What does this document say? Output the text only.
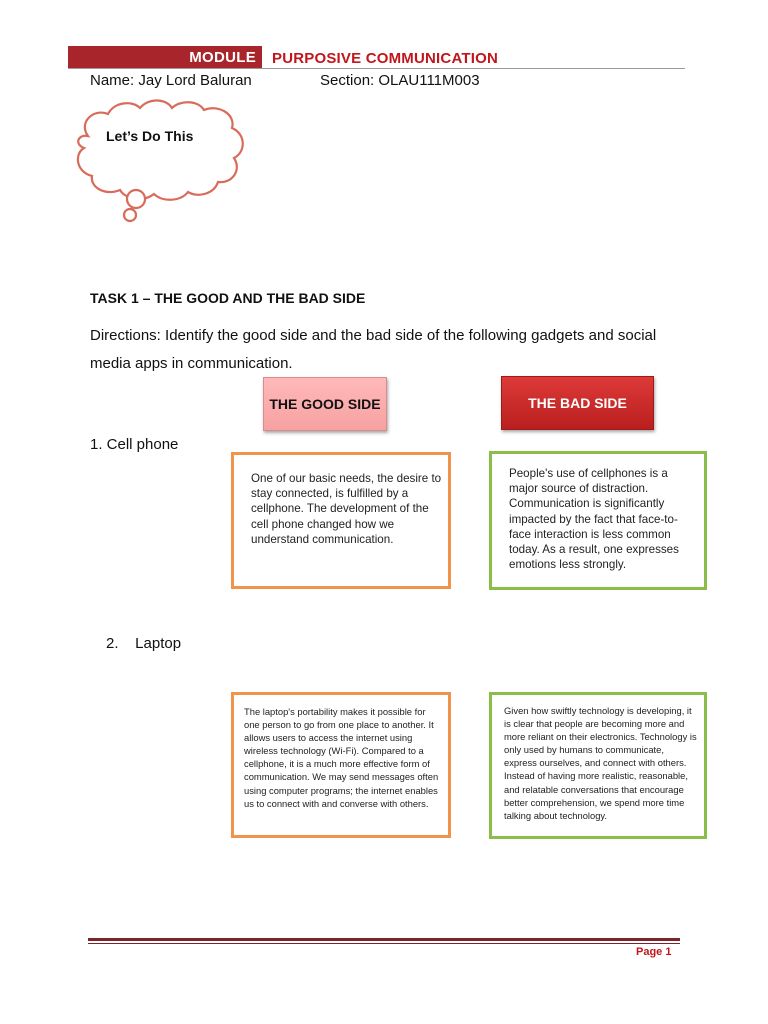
MODULE	PURPOSIVE COMMUNICATION
Name: Jay Lord Baluran	Section: OLAU111M003
Let’s Do This
TASK 1 – THE GOOD AND THE BAD SIDE
Directions: Identify the good side and the bad side of the following gadgets and social media apps in communication.
THE GOOD SIDE	THE BAD SIDE
1. Cell phone
One of our basic needs, the desire to stay connected, is fulfilled by a cellphone. The development of the cell phone changed how we understand communication.
People's use of cellphones is a major source of distraction. Communication is significantly impacted by the fact that face-to-face interaction is less common today. As a result, one expresses emotions less strongly.
2.    Laptop
The laptop's portability makes it possible for one person to go from one place to another. It allows users to access the internet using wireless technology (Wi-Fi). Compared to a cellphone, it is a much more effective form of communication. We may send messages often using computer programs; the internet enables us to connect with and converse with others.
Given how swiftly technology is developing, it is clear that people are becoming more and more reliant on their electronics. Technology is only used by humans to communicate, express ourselves, and connect with others. Instead of having more realistic, reasonable, and relatable conversations that encourage better comprehension, we spend more time talking about technology.
Page 1
